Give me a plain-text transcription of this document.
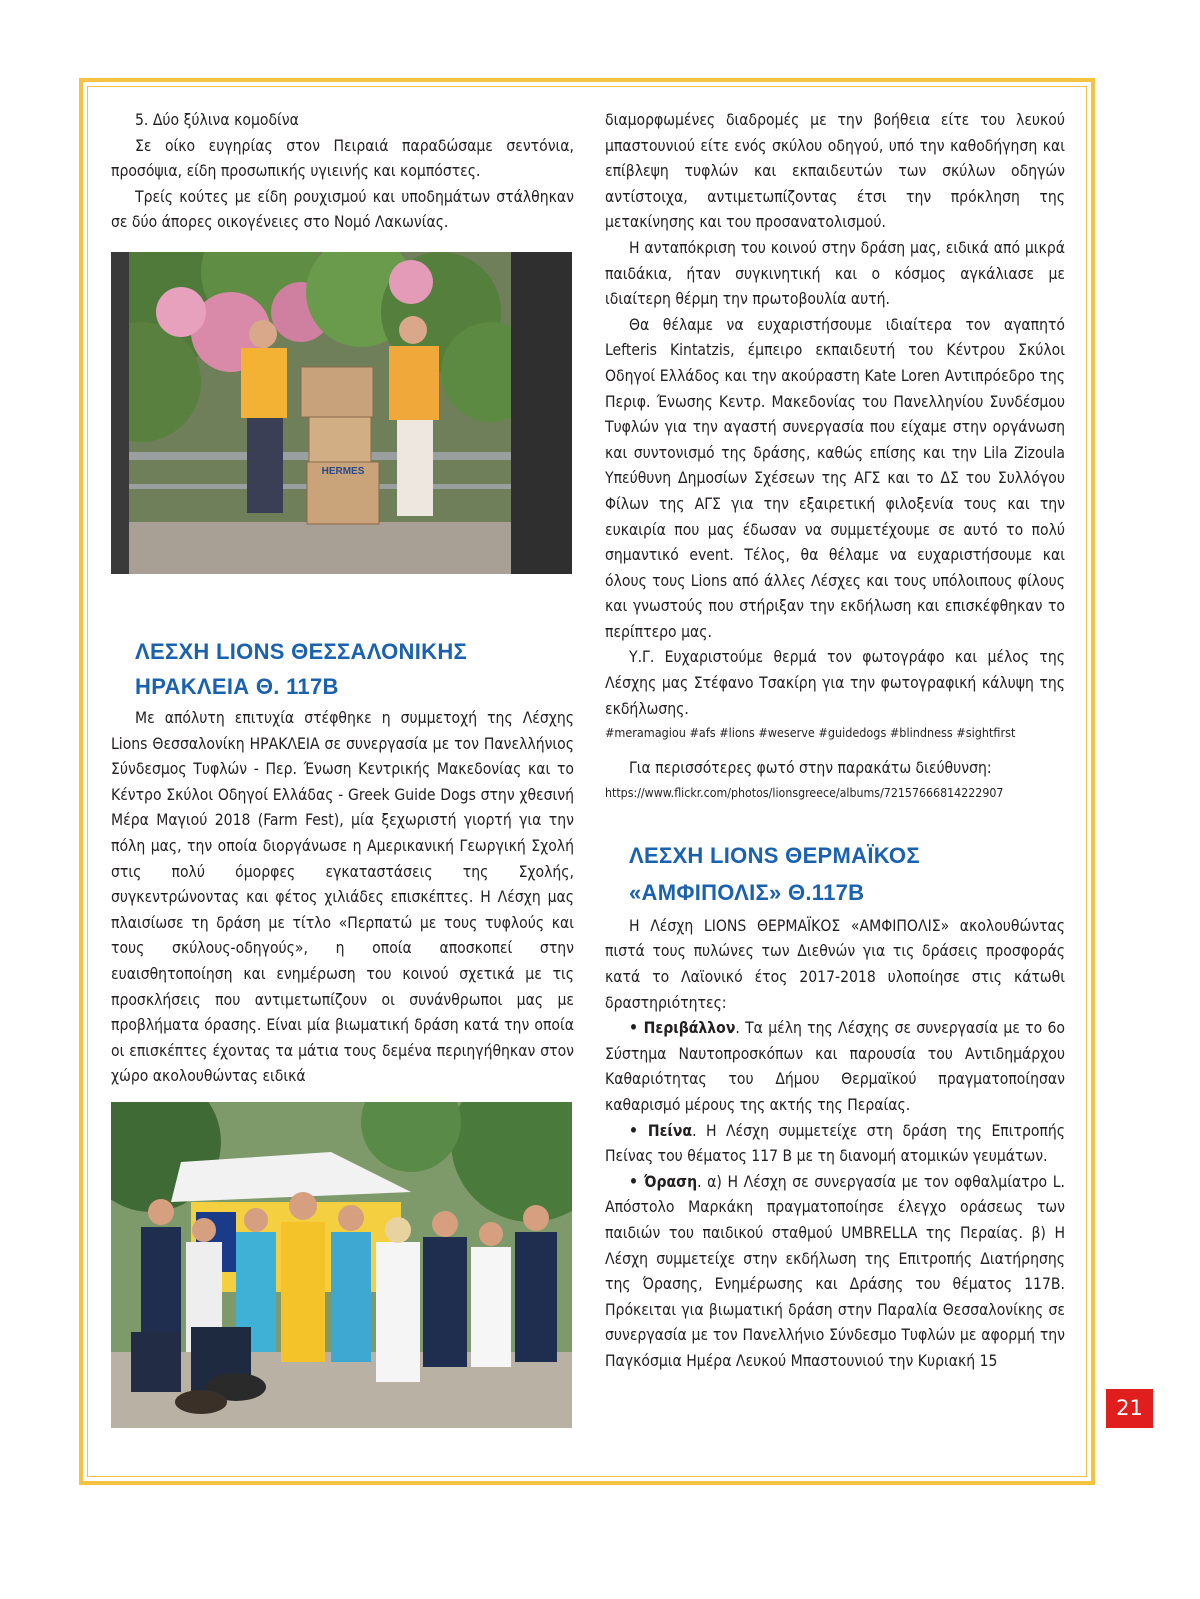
5. Δύο ξύλινα κομοδίνα

Σε οίκο ευγηρίας στον Πειραιά παραδώσαμε σεντόνια, προσόψια, είδη προσωπικής υγιεινής και κομπόστες.

Τρείς κούτες με είδη ρουχισμού και υποδημάτων στάλθηκαν σε δύο άπορες οικογένειες στο Νομό Λακωνίας.

HERMES

ΛΕΣΧΗ LIONS ΘΕΣΣΑΛΟΝΙΚΗΣ

ΗΡΑΚΛΕΙΑ Θ. 117Β

Με απόλυτη επιτυχία στέφθηκε η συμμετοχή της Λέσχης Lions Θεσσαλονίκη ΗΡΑΚΛΕΙΑ σε συνεργασία με τον Πανελλήνιος Σύνδεσμος Τυφλών - Περ. Ένωση Κεντρικής Μακεδονίας και το Κέντρο Σκύλοι Οδηγοί Ελλάδας - Greek Guide Dogs στην χθεσινή Μέρα Μαγιού 2018 (Farm Fest), μία ξεχωριστή γιορτή για την πόλη μας, την οποία διοργάνωσε η Αμερικανική Γεωργική Σχολή στις πολύ όμορφες εγκαταστάσεις της Σχολής, συγκεντρώνοντας και φέτος χιλιάδες επισκέπτες. Η Λέσχη μας πλαισίωσε τη δράση με τίτλο «Περπατώ με τους τυφλούς και τους σκύλους-οδηγούς», η οποία αποσκοπεί στην ευαισθητοποίηση και ενημέρωση του κοινού σχετικά με τις προσκλήσεις που αντιμετωπίζουν οι συνάνθρωποι μας με προβλήματα όρασης. Είναι μία βιωματική δράση κατά την οποία οι επισκέπτες έχοντας τα μάτια τους δεμένα περιηγήθηκαν στον χώρο ακολουθώντας ειδικά

διαμορφωμένες διαδρομές με την βοήθεια είτε του λευκού μπαστουνιού είτε ενός σκύλου οδηγού, υπό την καθοδήγηση και επίβλεψη τυφλών και εκπαιδευτών των σκύλων οδηγών αντίστοιχα, αντιμετωπίζοντας έτσι την πρόκληση της μετακίνησης και του προσανατολισμού.

Η ανταπόκριση του κοινού στην δράση μας, ειδικά από μικρά παιδάκια, ήταν συγκινητική και ο κόσμος αγκάλιασε με ιδιαίτερη θέρμη την πρωτοβουλία αυτή.

Θα θέλαμε να ευχαριστήσουμε ιδιαίτερα τον αγαπητό Lefteris Kintatzis, έμπειρο εκπαιδευτή του Κέντρου Σκύλοι Οδηγοί Ελλάδος και την ακούραστη Kate Loren Αντιπρόεδρο της Περιφ. Ένωσης Κεντρ. Μακεδονίας του Πανελληνίου Συνδέσμου Τυφλών για την αγαστή συνεργασία που είχαμε στην οργάνωση και συντονισμό της δράσης, καθώς επίσης και την Lila Zizoula Υπεύθυνη Δημοσίων Σχέσεων της ΑΓΣ και το ΔΣ του Συλλόγου Φίλων της ΑΓΣ για την εξαιρετική φιλοξενία τους και την ευκαιρία που μας έδωσαν να συμμετέχουμε σε αυτό το πολύ σημαντικό event. Τέλος, θα θέλαμε να ευχαριστήσουμε και όλους τους Lions από άλλες Λέσχες και τους υπόλοιπους φίλους και γνωστούς που στήριξαν την εκδήλωση και επισκέφθηκαν το περίπτερο μας.

Υ.Γ. Ευχαριστούμε θερμά τον φωτογράφο και μέλος της Λέσχης μας Στέφανο Τσακίρη για την φωτογραφική κάλυψη της εκδήλωσης.

#meramagiou #afs #lions #weserve #guidedogs #blindness #sightfirst

Για περισσότερες φωτό στην παρακάτω διεύθυνση:

https://www.flickr.com/photos/lionsgreece/albums/72157666814222907

ΛΕΣΧΗ LIONS ΘΕΡΜΑΪΚΟΣ

«ΑΜΦΙΠΟΛΙΣ» Θ.117Β

Η Λέσχη LIONS ΘΕΡΜΑΪΚΟΣ «ΑΜΦΙΠΟΛΙΣ» ακολουθώντας πιστά τους πυλώνες των Διεθνών για τις δράσεις προσφοράς κατά το Λαϊονικό έτος 2017-2018 υλοποίησε στις κάτωθι δραστηριότητες:

• Περιβάλλον. Τα μέλη της Λέσχης σε συνεργασία με το 6ο Σύστημα Ναυτοπροσκόπων και παρουσία του Αντιδημάρχου Καθαριότητας του Δήμου Θερμαϊκού πραγματοποίησαν καθαρισμό μέρους της ακτής της Περαίας.

• Πείνα. Η Λέσχη συμμετείχε στη δράση της Επιτροπής Πείνας του θέματος 117 Β με τη διανομή ατομικών γευμάτων.

• Όραση. α) Η Λέσχη σε συνεργασία με τον οφθαλμίατρο L. Απόστολο Μαρκάκη πραγματοποίησε έλεγχο οράσεως των παιδιών του παιδικού σταθμού UMBRELLA της Περαίας. β) Η Λέσχη συμμετείχε στην εκδήλωση της Επιτροπής Διατήρησης της Όρασης, Ενημέρωσης και Δράσης του θέματος 117Β. Πρόκειται για βιωματική δράση στην Παραλία Θεσσαλονίκης σε συνεργασία με τον Πανελλήνιο Σύνδεσμο Τυφλών με αφορμή την Παγκόσμια Ημέρα Λευκού Μπαστουνιού την Κυριακή 15

21
